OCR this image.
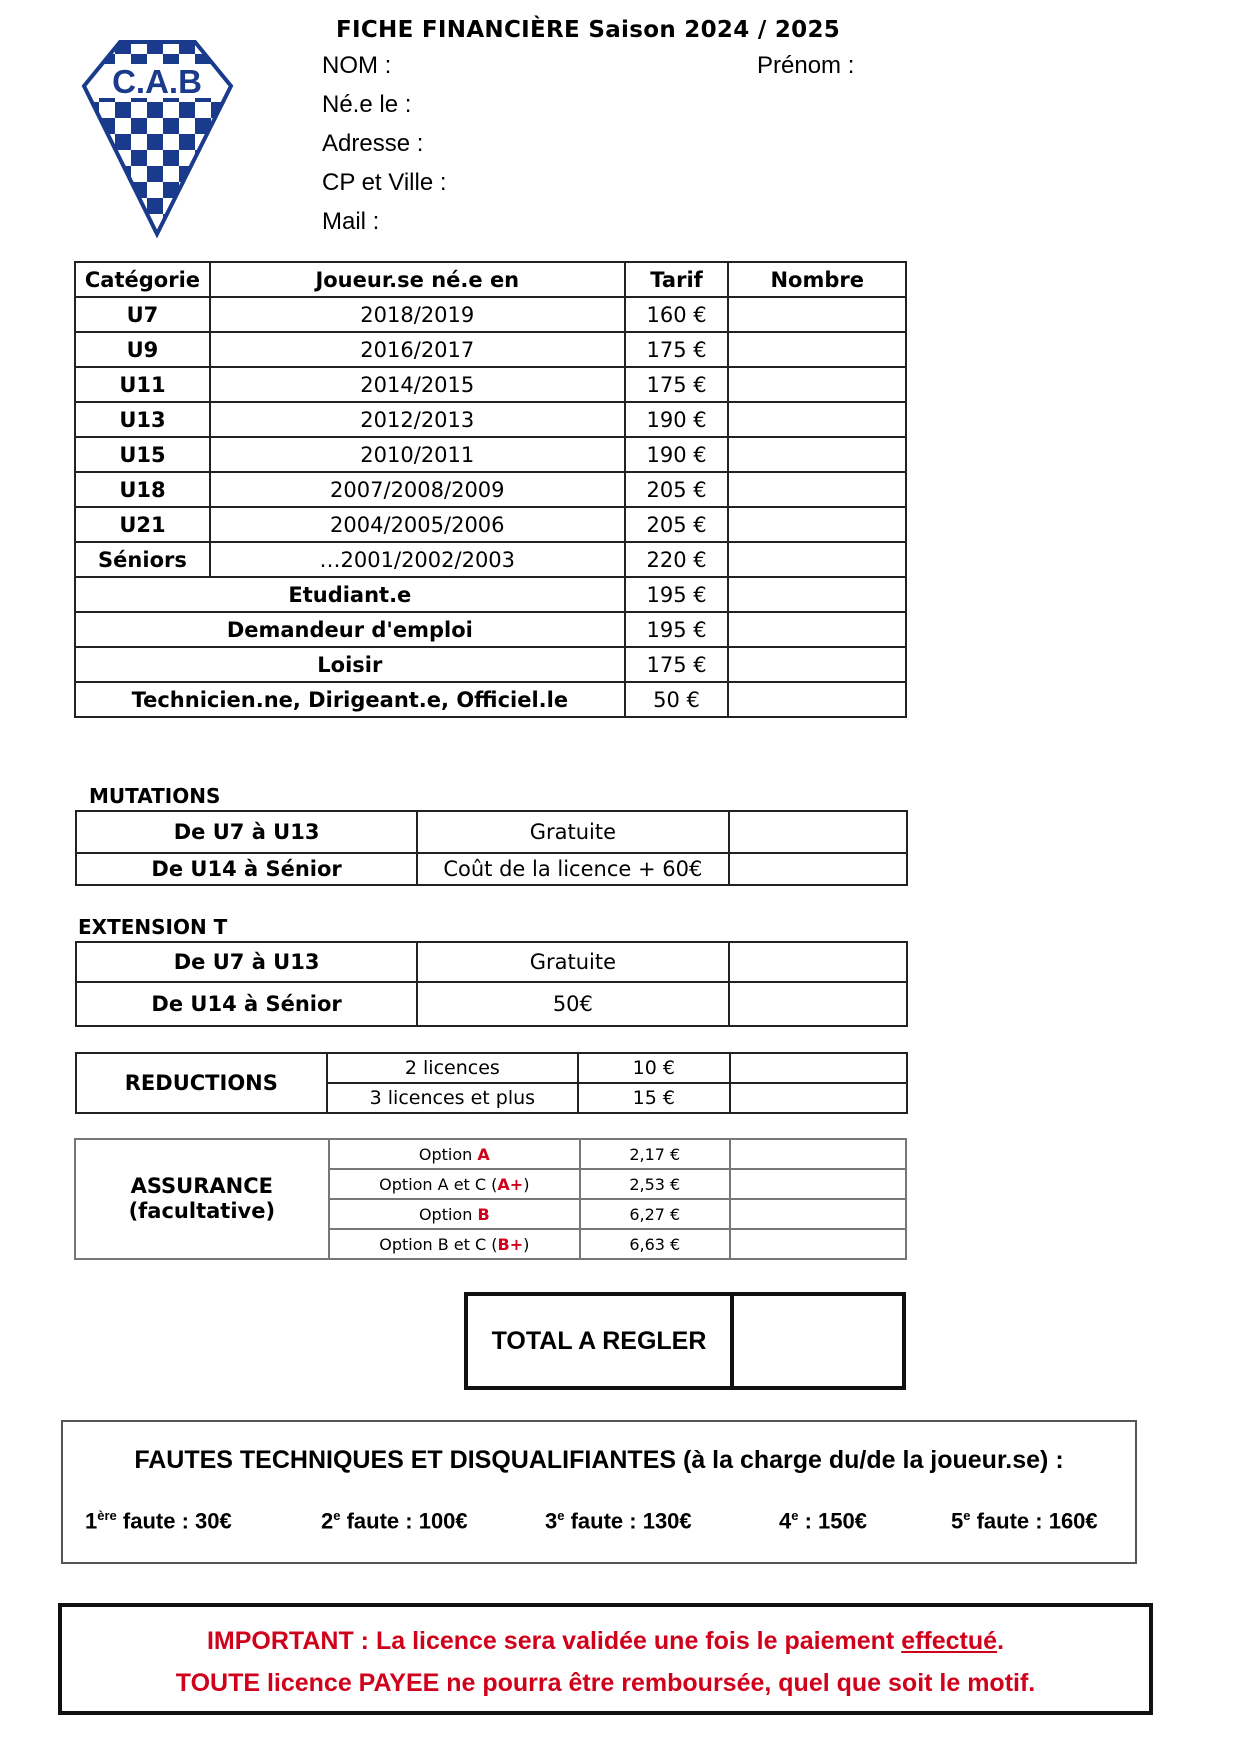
C.A.B
FICHE FINANCIÈRE Saison 2024 / 2025
NOM :	Prénom :
Né.e le :
Adresse :
CP et Ville :
Mail :
Catégorie	Joueur.se né.e en	Tarif	Nombre
U7	2018/2019	160 €	
U9	2016/2017	175 €	
U11	2014/2015	175 €	
U13	2012/2013	190 €	
U15	2010/2011	190 €	
U18	2007/2008/2009	205 €	
U21	2004/2005/2006	205 €	
Séniors	…2001/2002/2003	220 €	
Etudiant.e		195 €	
Demandeur d'emploi		195 €	
Loisir		175 €	
Technicien.ne, Dirigeant.e, Officiel.le		50 €	
MUTATIONS
De U7 à U13	Gratuite	
De U14 à Sénior	Coût de la licence + 60€	
EXTENSION T
De U7 à U13	Gratuite	
De U14 à Sénior	50€	
REDUCTIONS	2 licences	10 €	
	3 licences et plus	15 €	
ASSURANCE
(facultative)	Option A	2,17 €	
	Option A et C (A+)	2,53 €	
	Option B	6,27 €	
	Option B et C (B+)	6,63 €	
TOTAL A REGLER
FAUTES TECHNIQUES ET DISQUALIFIANTES (à la charge du/de la joueur.se) :
1ère faute : 30€	2e faute : 100€	3e faute : 130€	4e : 150€	5e faute : 160€
IMPORTANT : La licence sera validée une fois le paiement effectué.
TOUTE licence PAYEE ne pourra être remboursée, quel que soit le motif.
